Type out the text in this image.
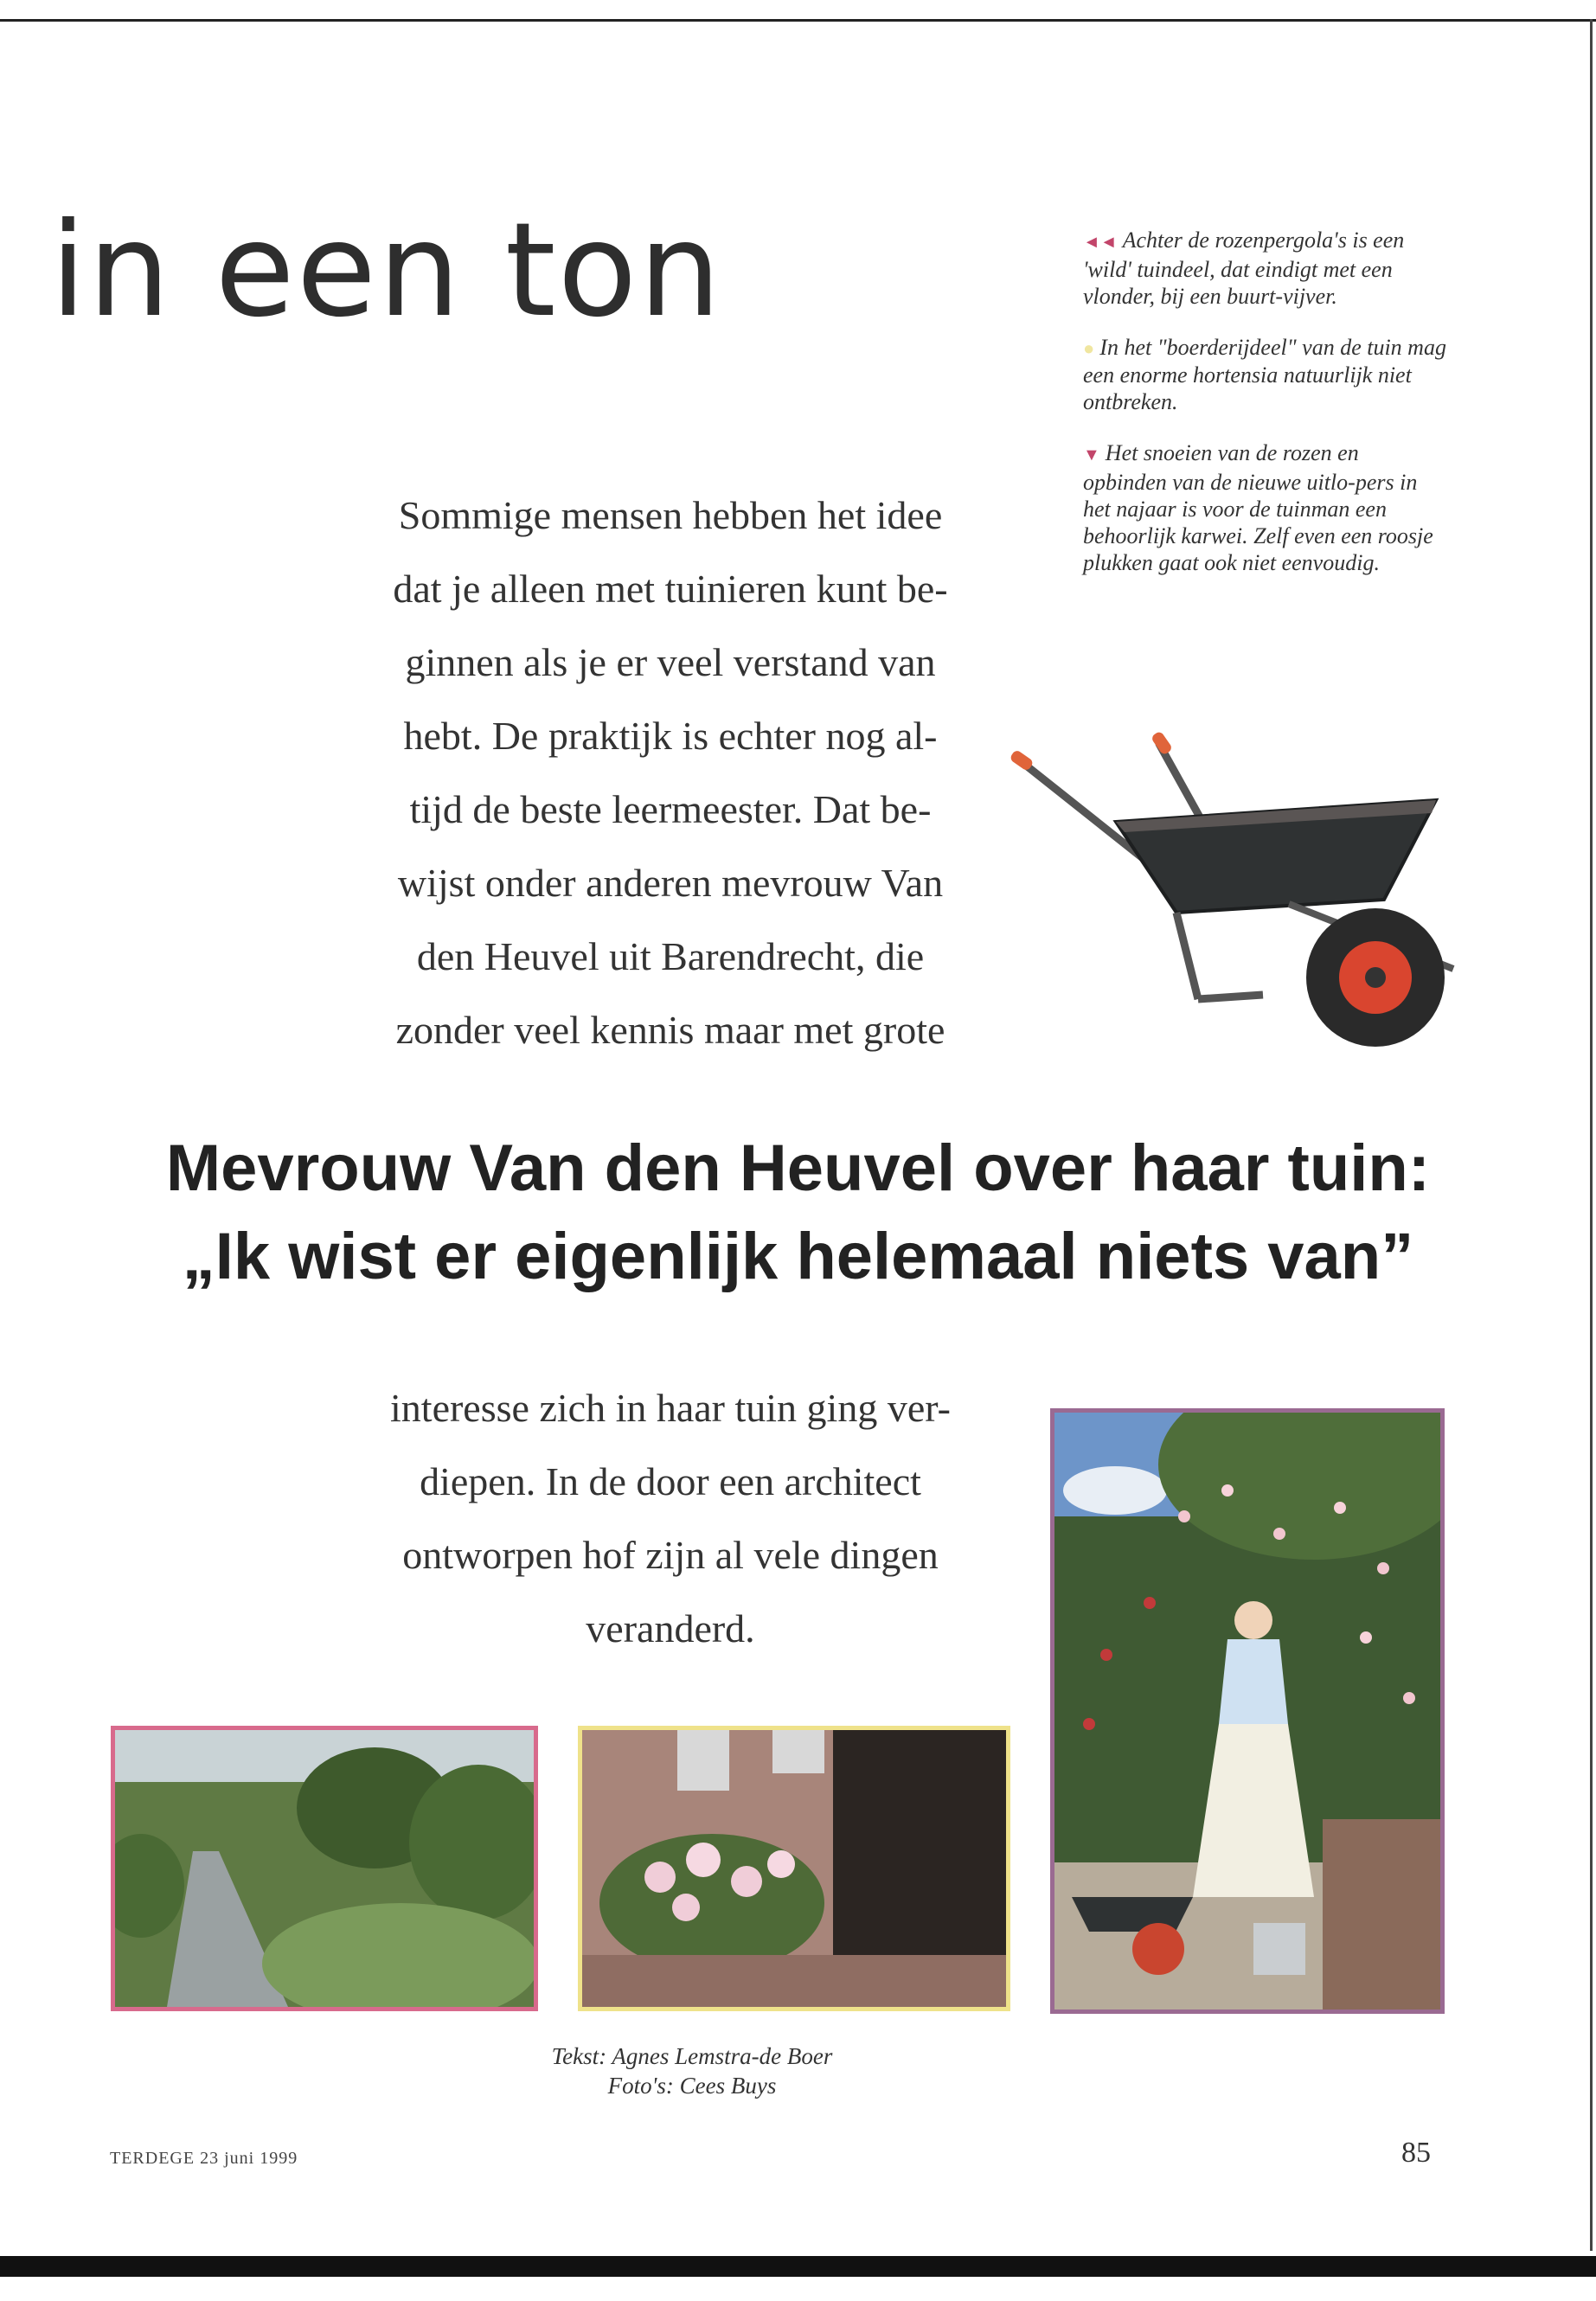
in een ton	◄◄ Achter de rozenpergola's is een 'wild' tuindeel, dat eindigt met een vlonder, bij een buurt-vijver.

● In het "boerderijdeel" van de tuin mag een enorme hortensia natuurlijk niet ontbreken.

▼ Het snoeien van de rozen en opbinden van de nieuwe uitlo-pers in het najaar is voor de tuinman een behoorlijk karwei. Zelf even een roosje plukken gaat ook niet eenvoudig.

Sommige mensen hebben het idee
dat je alleen met tuinieren kunt be-
ginnen als je er veel verstand van
hebt. De praktijk is echter nog al-
tijd de beste leermeester. Dat be-
wijst onder anderen mevrouw Van
den Heuvel uit Barendrecht, die
zonder veel kennis maar met grote
Mevrouw Van den Heuvel over haar tuin:
„Ik wist er eigenlijk helemaal niets van”
interesse zich in haar tuin ging ver-
diepen. In de door een architect
ontworpen hof zijn al vele dingen
veranderd.
Tekst: Agnes Lemstra-de Boer
Foto's: Cees Buys
TERDEGE 23 juni 1999	85
